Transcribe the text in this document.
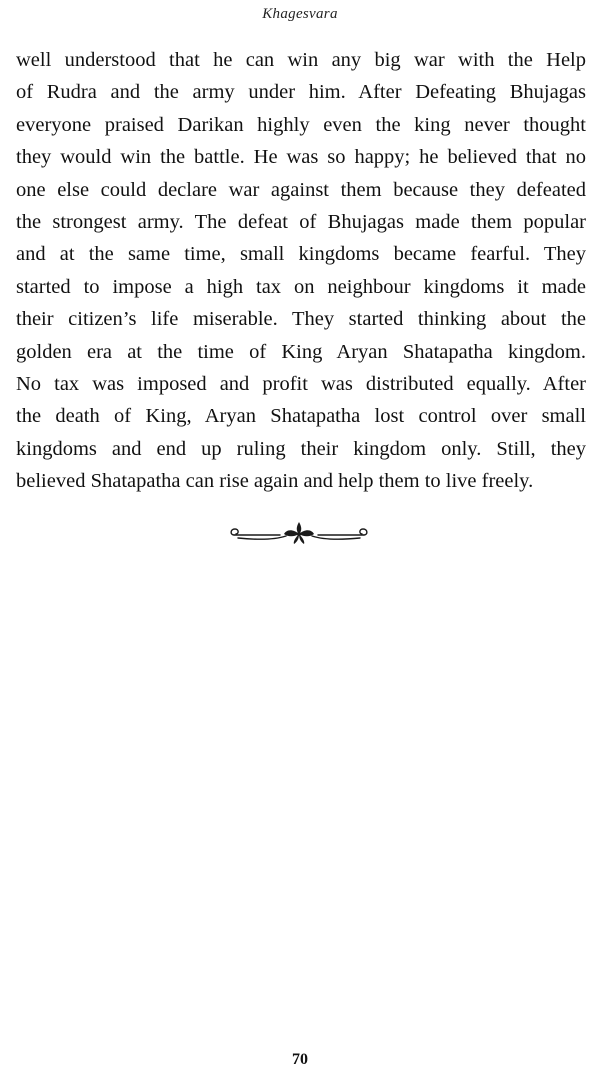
Khagesvara

well understood that he can win any big war with the Help
of Rudra and the army under him. After Defeating Bhujagas
everyone praised Darikan highly even the king never thought
they would win the battle. He was so happy; he believed that no
one else could declare war against them because they defeated
the strongest army. The defeat of Bhujagas made them popular
and at the same time, small kingdoms became fearful. They
started to impose a high tax on neighbour kingdoms it made
their citizen’s life miserable. They started thinking about the
golden era at the time of King Aryan Shatapatha kingdom.
No tax was imposed and profit was distributed equally. After
the death of King, Aryan Shatapatha lost control over small
kingdoms and end up ruling their kingdom only. Still, they
believed Shatapatha can rise again and help them to live freely.

70
